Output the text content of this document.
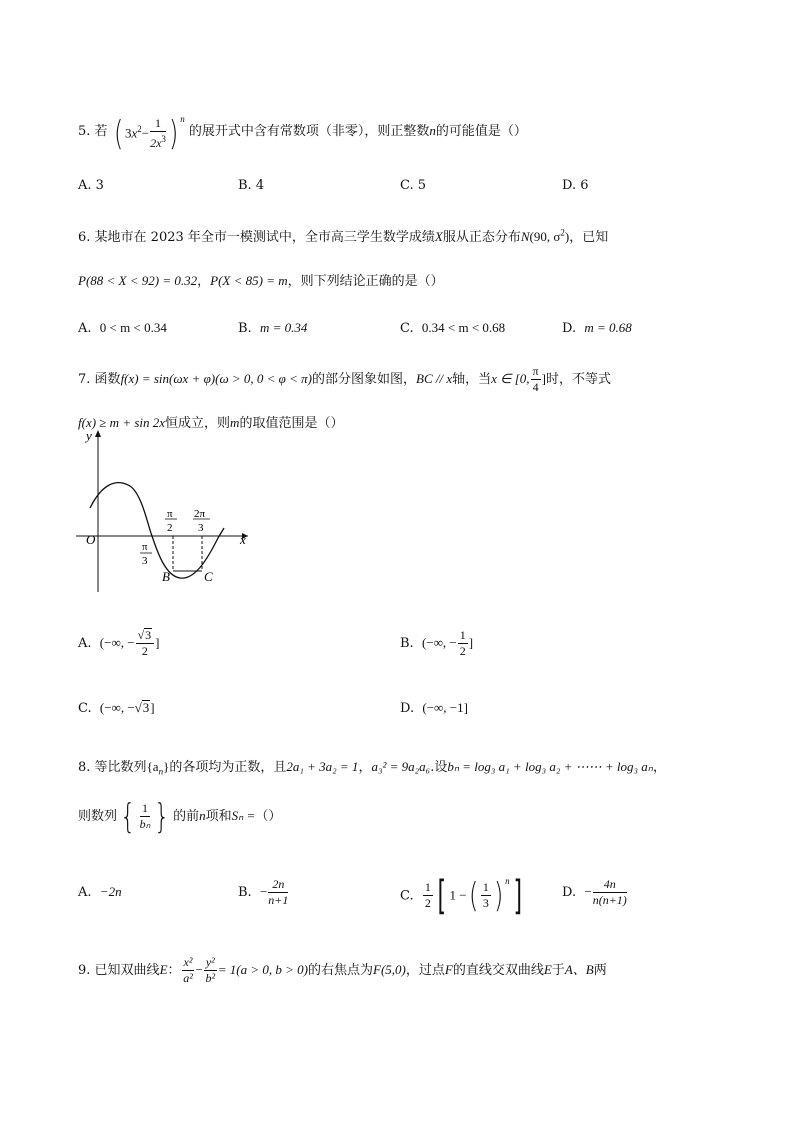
5. 若 ( $3x^2- \frac{1}{2x^3}$ ) $^n$ 的展开式中含有常数项（非零），则正整数n的可能值是（）
A. 3	B. 4	C. 5	D. 6
6. 某地市在 2023 年全市一模测试中，全市高三学生数学成绩X服从正态分布N(90, $\sigma^2$)，已知
P(88 < X < 92) = 0.32，P(X < 85) = m，则下列结论正确的是（）
A. 0 < m < 0.34	B. m = 0.34	C. 0.34 < m < 0.68	D. m = 0.68
7. 函数f(x) = sin(ωx + φ)(ω > 0, 0 < φ < π)的部分图象如图，BC // x轴，当x ∈ [0, $\frac{\pi}{4}$ ]时，不等式
f(x) ≥ m + sin 2x恒成立，则m的取值范围是（）
y
x
O	π
3
π
2
2π
3
B	C
A. (−∞, − $\frac{√3}{2}$ ]	B. (−∞, − $\frac{1}{2}$ ]
C. (−∞, −√3]	D. (−∞, −1]
8. 等比数列$\{a_n\}$的各项均为正数，且2a₁ + 3a₂ = 1，a₃² = 9a₂a₆.设bₙ = log₃ a₁ + log₃ a₂ + ⋯⋯ + log₃ aₙ，
则数列{ $\frac{1}{\text{bₙ}}$ } 的前n项和Sₙ =（）
A. −2n	B. − $\frac{2n}{n+1}$	C. $\frac{1}{2}$ [ 1 −( $\frac{1}{3}$ ) $^n$]	D. − $\frac{4n}{n(n+1)}$
9. 已知双曲线E： $\frac{\text{x²}}{\text{a²}} - \frac{\text{y²}}{\text{b²}} = 1(a > 0$, b > 0)的右焦点为F(5,0)，过点F的直线交双曲线E于A、B两
